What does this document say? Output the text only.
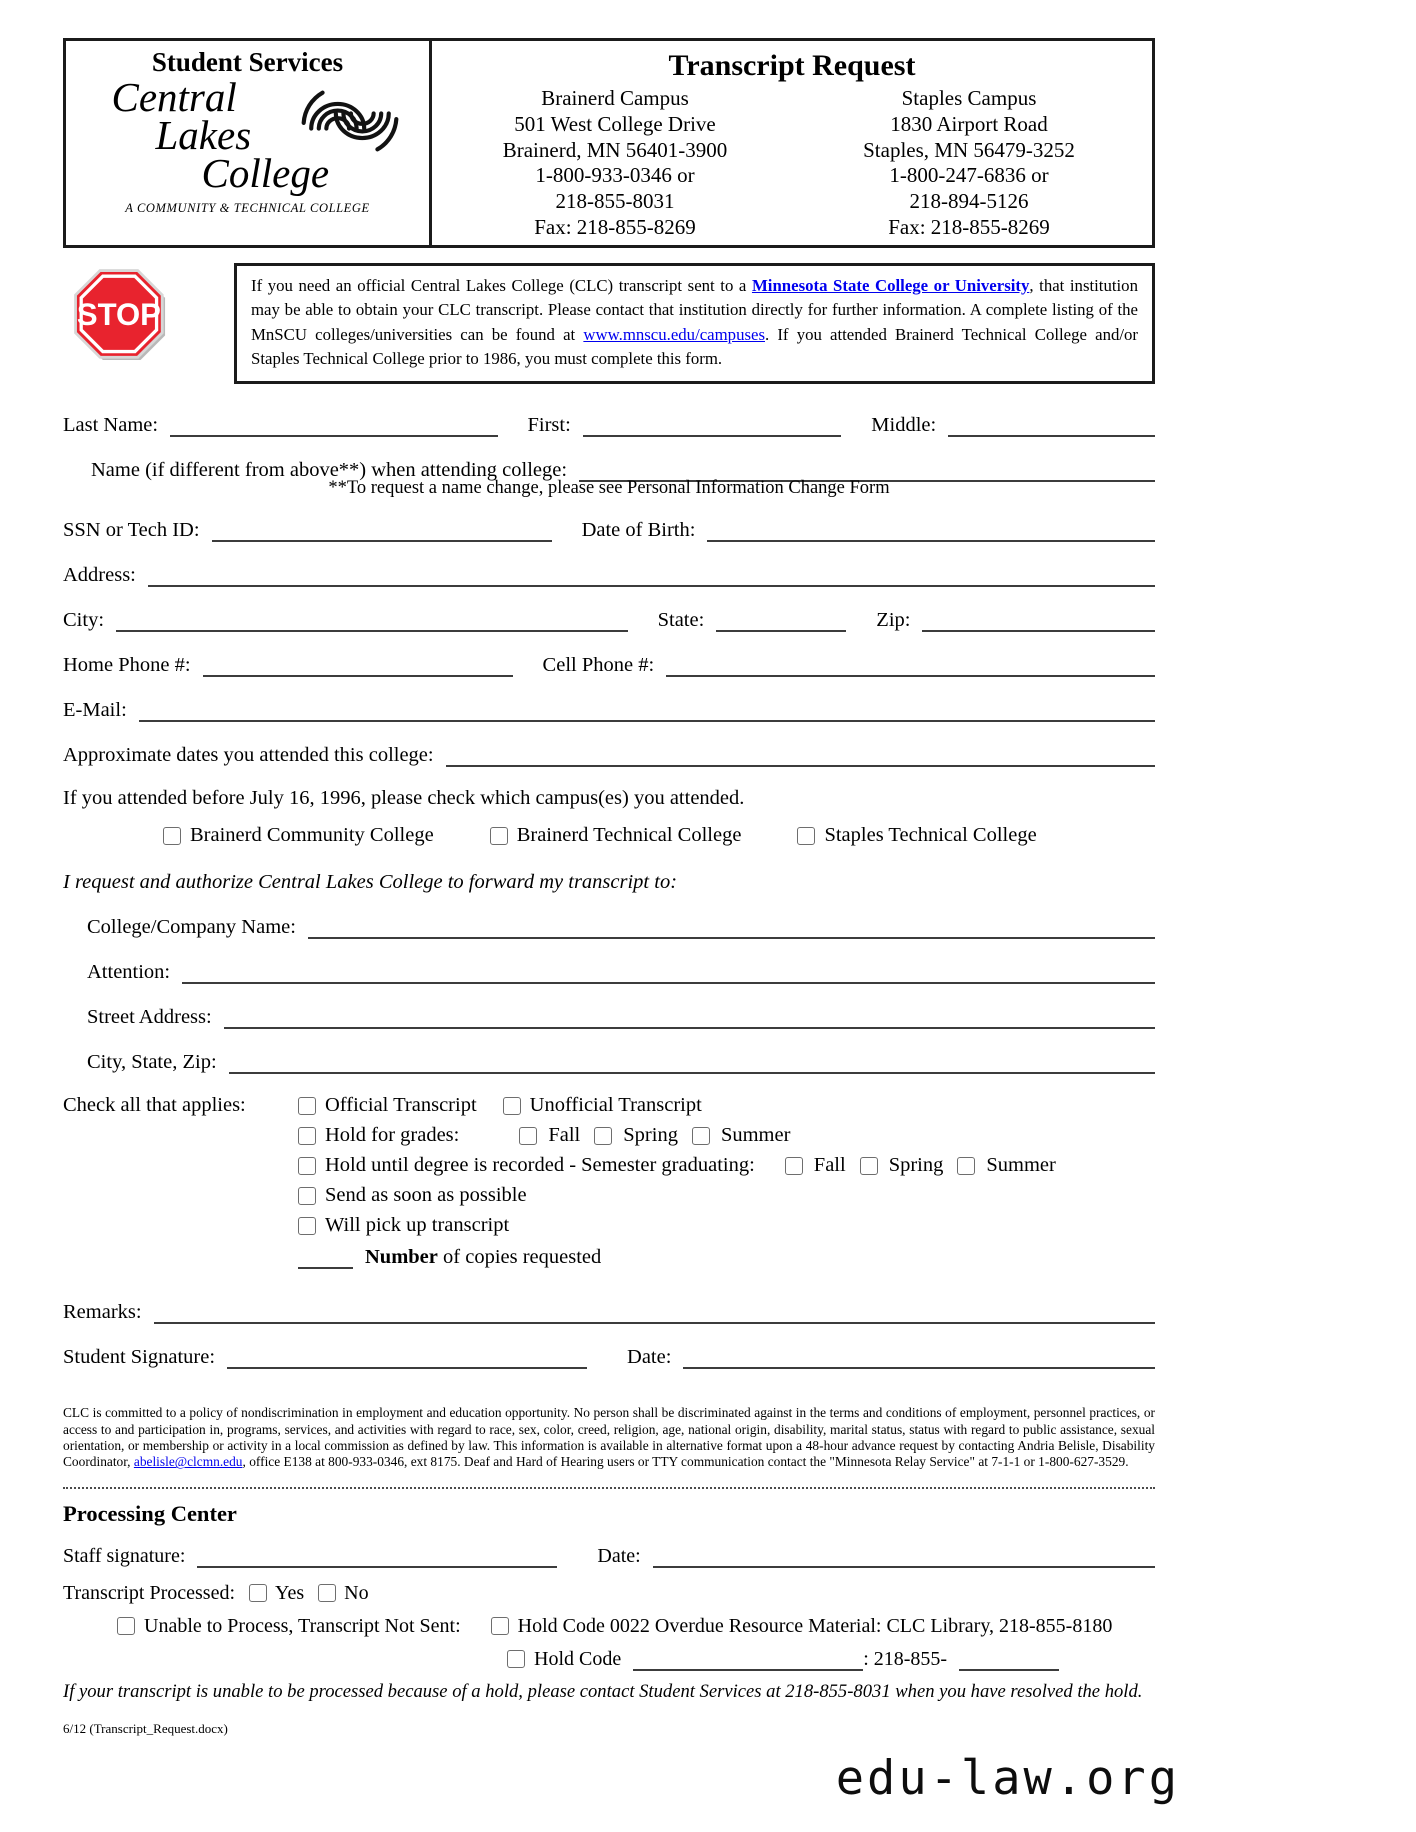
Student Services
Central
Lakes
College
A COMMUNITY & TECHNICAL COLLEGE
Transcript Request
Brainerd Campus
501 West College Drive
Brainerd, MN 56401-3900
1-800-933-0346 or
218-855-8031
Fax: 218-855-8269
Staples Campus
1830 Airport Road
Staples, MN 56479-3252
1-800-247-6836 or
218-894-5126
Fax: 218-855-8269
STOP
If you need an official Central Lakes College (CLC) transcript sent to a Minnesota State College or University, that institution may be able to obtain your CLC transcript. Please contact that institution directly for further information. A complete listing of the MnSCU colleges/universities can be found at www.mnscu.edu/campuses. If you attended Brainerd Technical College and/or Staples Technical College prior to 1986, you must complete this form.
Last Name:	First:	Middle:
Name (if different from above**) when attending college:
**To request a name change, please see Personal Information Change Form
SSN or Tech ID:	Date of Birth:
Address:
City:	State:	Zip:
Home Phone #:	Cell Phone #:
E-Mail:
Approximate dates you attended this college:
If you attended before July 16, 1996, please check which campus(es) you attended.
Brainerd Community College	Brainerd Technical College	Staples Technical College
I request and authorize Central Lakes College to forward my transcript to:
College/Company Name:
Attention:
Street Address:
City, State, Zip:
Check all that applies:	Official Transcript	Unofficial Transcript
Hold for grades:	Fall Spring Summer
Hold until degree is recorded - Semester graduating:	Fall Spring Summer
Send as soon as possible
Will pick up transcript
Number of copies requested
Remarks:
Student Signature:	Date:
CLC is committed to a policy of nondiscrimination in employment and education opportunity. No person shall be discriminated against in the terms and conditions of employment, personnel practices, or access to and participation in, programs, services, and activities with regard to race, sex, color, creed, religion, age, national origin, disability, marital status, status with regard to public assistance, sexual orientation, or membership or activity in a local commission as defined by law. This information is available in alternative format upon a 48-hour advance request by contacting Andria Belisle, Disability Coordinator, abelisle@clcmn.edu, office E138 at 800-933-0346, ext 8175. Deaf and Hard of Hearing users or TTY communication contact the "Minnesota Relay Service" at 7-1-1 or 1-800-627-3529.
Processing Center
Staff signature:	Date:
Transcript Processed: Yes No
Unable to Process, Transcript Not Sent:	Hold Code 0022 Overdue Resource Material: CLC Library, 218-855-8180
Hold Code	: 218-855-
If your transcript is unable to be processed because of a hold, please contact Student Services at 218-855-8031 when you have resolved the hold.
6/12 (Transcript_Request.docx)
edu-law.org
